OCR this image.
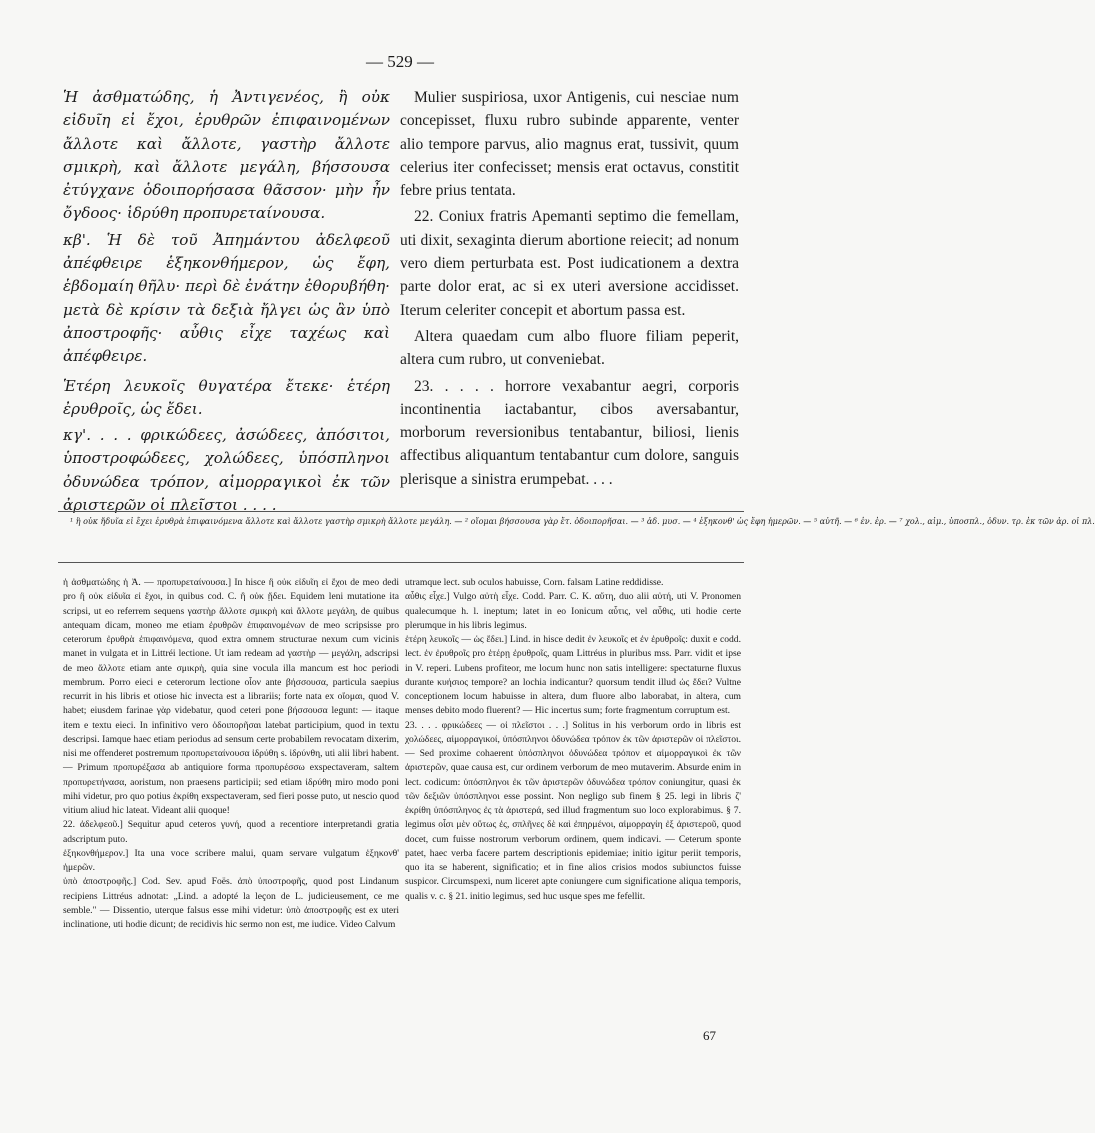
— 529 —

Ἡ ἀσθματώδης, ἡ Ἀντιγενέος, ἢ οὐκ εἰδυῖη εἰ ἔχοι, ἐρυθρῶν ἐπιφαινομένων ἄλλοτε καὶ ἄλλοτε, γαστὴρ ἄλλοτε σμικρὴ, καὶ ἄλλοτε μεγάλη, βήσσουσα ἐτύγχανε ὁδοιπορήσασα θᾶσσον· μὴν ἦν ὄγδοος· ἱδρύθη προπυρεταίνουσα.

κβ'. Ἡ δὲ τοῦ Ἀπημάντου ἀδελφεοῦ ἀπέφθειρε ἑξηκονθήμερον, ὡς ἔφη, ἑβδομαίη θῆλυ· περὶ δὲ ἐνάτην ἐθορυβήθη· μετὰ δὲ κρίσιν τὰ δεξιὰ ἤλγει ὡς ἂν ὑπὸ ἀποστροφῆς· αὖθις εἶχε ταχέως καὶ ἀπέφθειρε.

Ἑτέρη λευκοῖς θυγατέρα ἔτεκε· ἑτέρη ἐρυθροῖς, ὡς ἔδει.

κγ'. . . . φρικώδεες, ἀσώδεες, ἀπόσιτοι, ὑποστροφώδεες, χολώδεες, ὑπόσπληνοι ὀδυνώδεα τρόπον, αἱμορραγικοὶ ἐκ τῶν ἀριστερῶν οἱ πλεῖστοι . . . .

Mulier suspiriosa, uxor Antigenis, cui nesciae num concepisset, fluxu rubro subinde apparente, venter alio tempore parvus, alio magnus erat, tussivit, quum celerius iter confecisset; mensis erat octavus, constitit febre prius tentata.

22. Coniux fratris Apemanti septimo die femellam, uti dixit, sexaginta dierum abortione reiecit; ad nonum vero diem perturbata est. Post iudicationem a dextra parte dolor erat, ac si ex uteri aversione accidisset. Iterum celeriter concepit et abortum passa est.

Altera quaedam cum albo fluore filiam peperit, altera cum rubro, ut conveniebat.

23. . . . . horrore vexabantur aegri, corporis incontinentia iactabantur, cibos aversabantur, morborum reversionibus tentabantur, biliosi, lienis affectibus aliquantum tentabantur cum dolore, sanguis plerisque a sinistra erumpebat. . . .

¹ ἢ οὐκ ἤδυῖα εἰ ἔχει ἐρυθρὰ ἐπιφαινόμενα ἄλλοτε καὶ ἄλλοτε γαστὴρ σμικρὴ ἄλλοτε μεγάλη. — ² οἴομαι βήσσουσα γὰρ ἔτ. ὁδοιπορῆσαι. — ³ ἀδ. μυσ. — ⁴ ἑξηκονθ' ὡς ἔφη ἡμερῶν. — ⁵ αὐτῆ. — ⁶ ἐν. ἐρ. — ⁷ χολ., αἱμ., ὑποσπλ., ὀδυν. τρ. ἐκ τῶν ἀρ. οἱ πλ.

ἡ ἀσθματώδης ἡ Ἀ. — προπυρεταίνουσα.] In hisce ἢ οὐκ εἰδυῖη εἰ ἔχοι de meo dedi pro ἢ οὐκ εἰδυῖα εἰ ἔχοι, in quibus cod. C. ἢ οὐκ ᾔδει. Equidem leni mutatione ita scripsi, ut eo referrem sequens γαστὴρ ἄλλοτε σμικρὴ καὶ ἄλλοτε μεγάλη, de quibus antequam dicam, moneo me etiam ἐρυθρῶν ἐπιφαινομένων de meo scripsisse pro ceterorum ἐρυθρὰ ἐπιφαινόμενα, quod extra omnem structurae nexum cum vicinis manet in vulgata et in Littréi lectione. Ut iam redeam ad γαστὴρ — μεγάλη, adscripsi de meo ἄλλοτε etiam ante σμικρὴ, quia sine vocula illa mancum est hoc periodi membrum. Porro eieci e ceterorum lectione οἶον ante βήσσουσα, particula saepius recurrit in his libris et otiose hic invecta est a librariis; forte nata ex οἴομαι, quod V. habet; eiusdem farinae γὰρ videbatur, quod ceteri pone βήσσουσα legunt: — itaque item e textu eieci. In infinitivo vero ὁδοιπορῆσαι latebat participium, quod in textu descripsi. Iamque haec etiam periodus ad sensum certe probabilem revocatam dixerim, nisi me offenderet postremum προπυρεταίνουσα ἱδρύθη s. ἱδρύνθη, uti alii libri habent. — Primum προπυρέξασα ab antiquiore forma προπυρέσσω exspectaveram, saltem προπυρετήνασα, aoristum, non praesens participii; sed etiam ἱδρύθη miro modo poni mihi videtur, pro quo potius ἐκρίθη exspectaveram, sed fieri posse puto, ut nescio quod vitium aliud hic lateat. Videant alii quoque!

22. ἀδελφεοῦ.] Sequitur apud ceteros γυνή, quod a recentiore interpretandi gratia adscriptum puto.

ἑξηκονθήμερον.] Ita una voce scribere malui, quam servare vulgatum ἑξηκονθ' ἡμερῶν.

ὑπὸ ἀποστροφῆς.] Cod. Sev. apud Foës. ἀπὸ ὑποστροφῆς, quod post Lindanum recipiens Littréus adnotat: „Lind. a adopté la leçon de L. judicieusement, ce me semble." — Dissentio, uterque falsus esse mihi videtur: ὑπὸ ἀποστροφῆς est ex uteri inclinatione, uti hodie dicunt; de recidivis hic sermo non est, me iudice. Video Calvum

utramque lect. sub oculos habuisse, Corn. falsam Latine reddidisse.

αὖθις εἶχε.] Vulgo αὐτὴ εἶχε. Codd. Parr. C. K. αὔτη, duo alii αὐτή, uti V. Pronomen qualecumque h. l. ineptum; latet in eo Ionicum αὖτις, vel αὖθις, uti hodie certe plerumque in his libris legimus.

ἑτέρη λευκοῖς — ὡς ἔδει.] Lind. in hisce dedit ἐν λευκοῖς et ἐν ἐρυθροῖς: duxit e codd. lect. ἐν ἐρυθροῖς pro ἑτέρῃ ἐρυθροῖς, quam Littréus in pluribus mss. Parr. vidit et ipse in V. reperi. Lubens profiteor, me locum hunc non satis intelligere: spectaturne fluxus durante κυήσιος tempore? an lochia indicantur? quorsum tendit illud ὡς ἔδει? Vultne conceptionem locum habuisse in altera, dum fluore albo laborabat, in altera, cum menses debito modo fluerent? — Hic incertus sum; forte fragmentum corruptum est.

23. . . . φρικώδεες — οἱ πλεῖστοι . . .] Solitus in his verborum ordo in libris est χολώδεες, αἱμορραγικοί, ὑπόσπληνοι ὀδυνώδεα τρόπον ἐκ τῶν ἀριστερῶν οἱ πλεῖστοι. — Sed proxime cohaerent ὑπόσπληνοι ὀδυνώδεα τρόπον et αἱμορραγικοὶ ἐκ τῶν ἀριστερῶν, quae causa est, cur ordinem verborum de meo mutaverim. Absurde enim in lect. codicum: ὑπόσπληνοι ἐκ τῶν ἀριστερῶν ὀδυνώδεα τρόπον coniungitur, quasi ἐκ τῶν δεξιῶν ὑπόσπληνοι esse possint. Non negligo sub finem § 25. legi in libris ζ' ἐκρίθη ὑπόσπληνος ἐς τὰ ἀριστερά, sed illud fragmentum suo loco explorabimus. § 7. legimus οἶσι μὲν οὕτως ἐς, σπλῆνες δὲ καὶ ἐπηρμένοι, αἱμορραγίη ἐξ ἀριστεροῦ, quod docet, cum fuisse nostrorum verborum ordinem, quem indicavi. — Ceterum sponte patet, haec verba facere partem descriptionis epidemiae; initio igitur periit temporis, quo ita se haberent, significatio; et in fine alios crisios modos subiunctos fuisse suspicor. Circumspexi, num liceret apte coniungere cum significatione aliqua temporis, qualis v. c. § 21. initio legimus, sed huc usque spes me fefellit.

67
